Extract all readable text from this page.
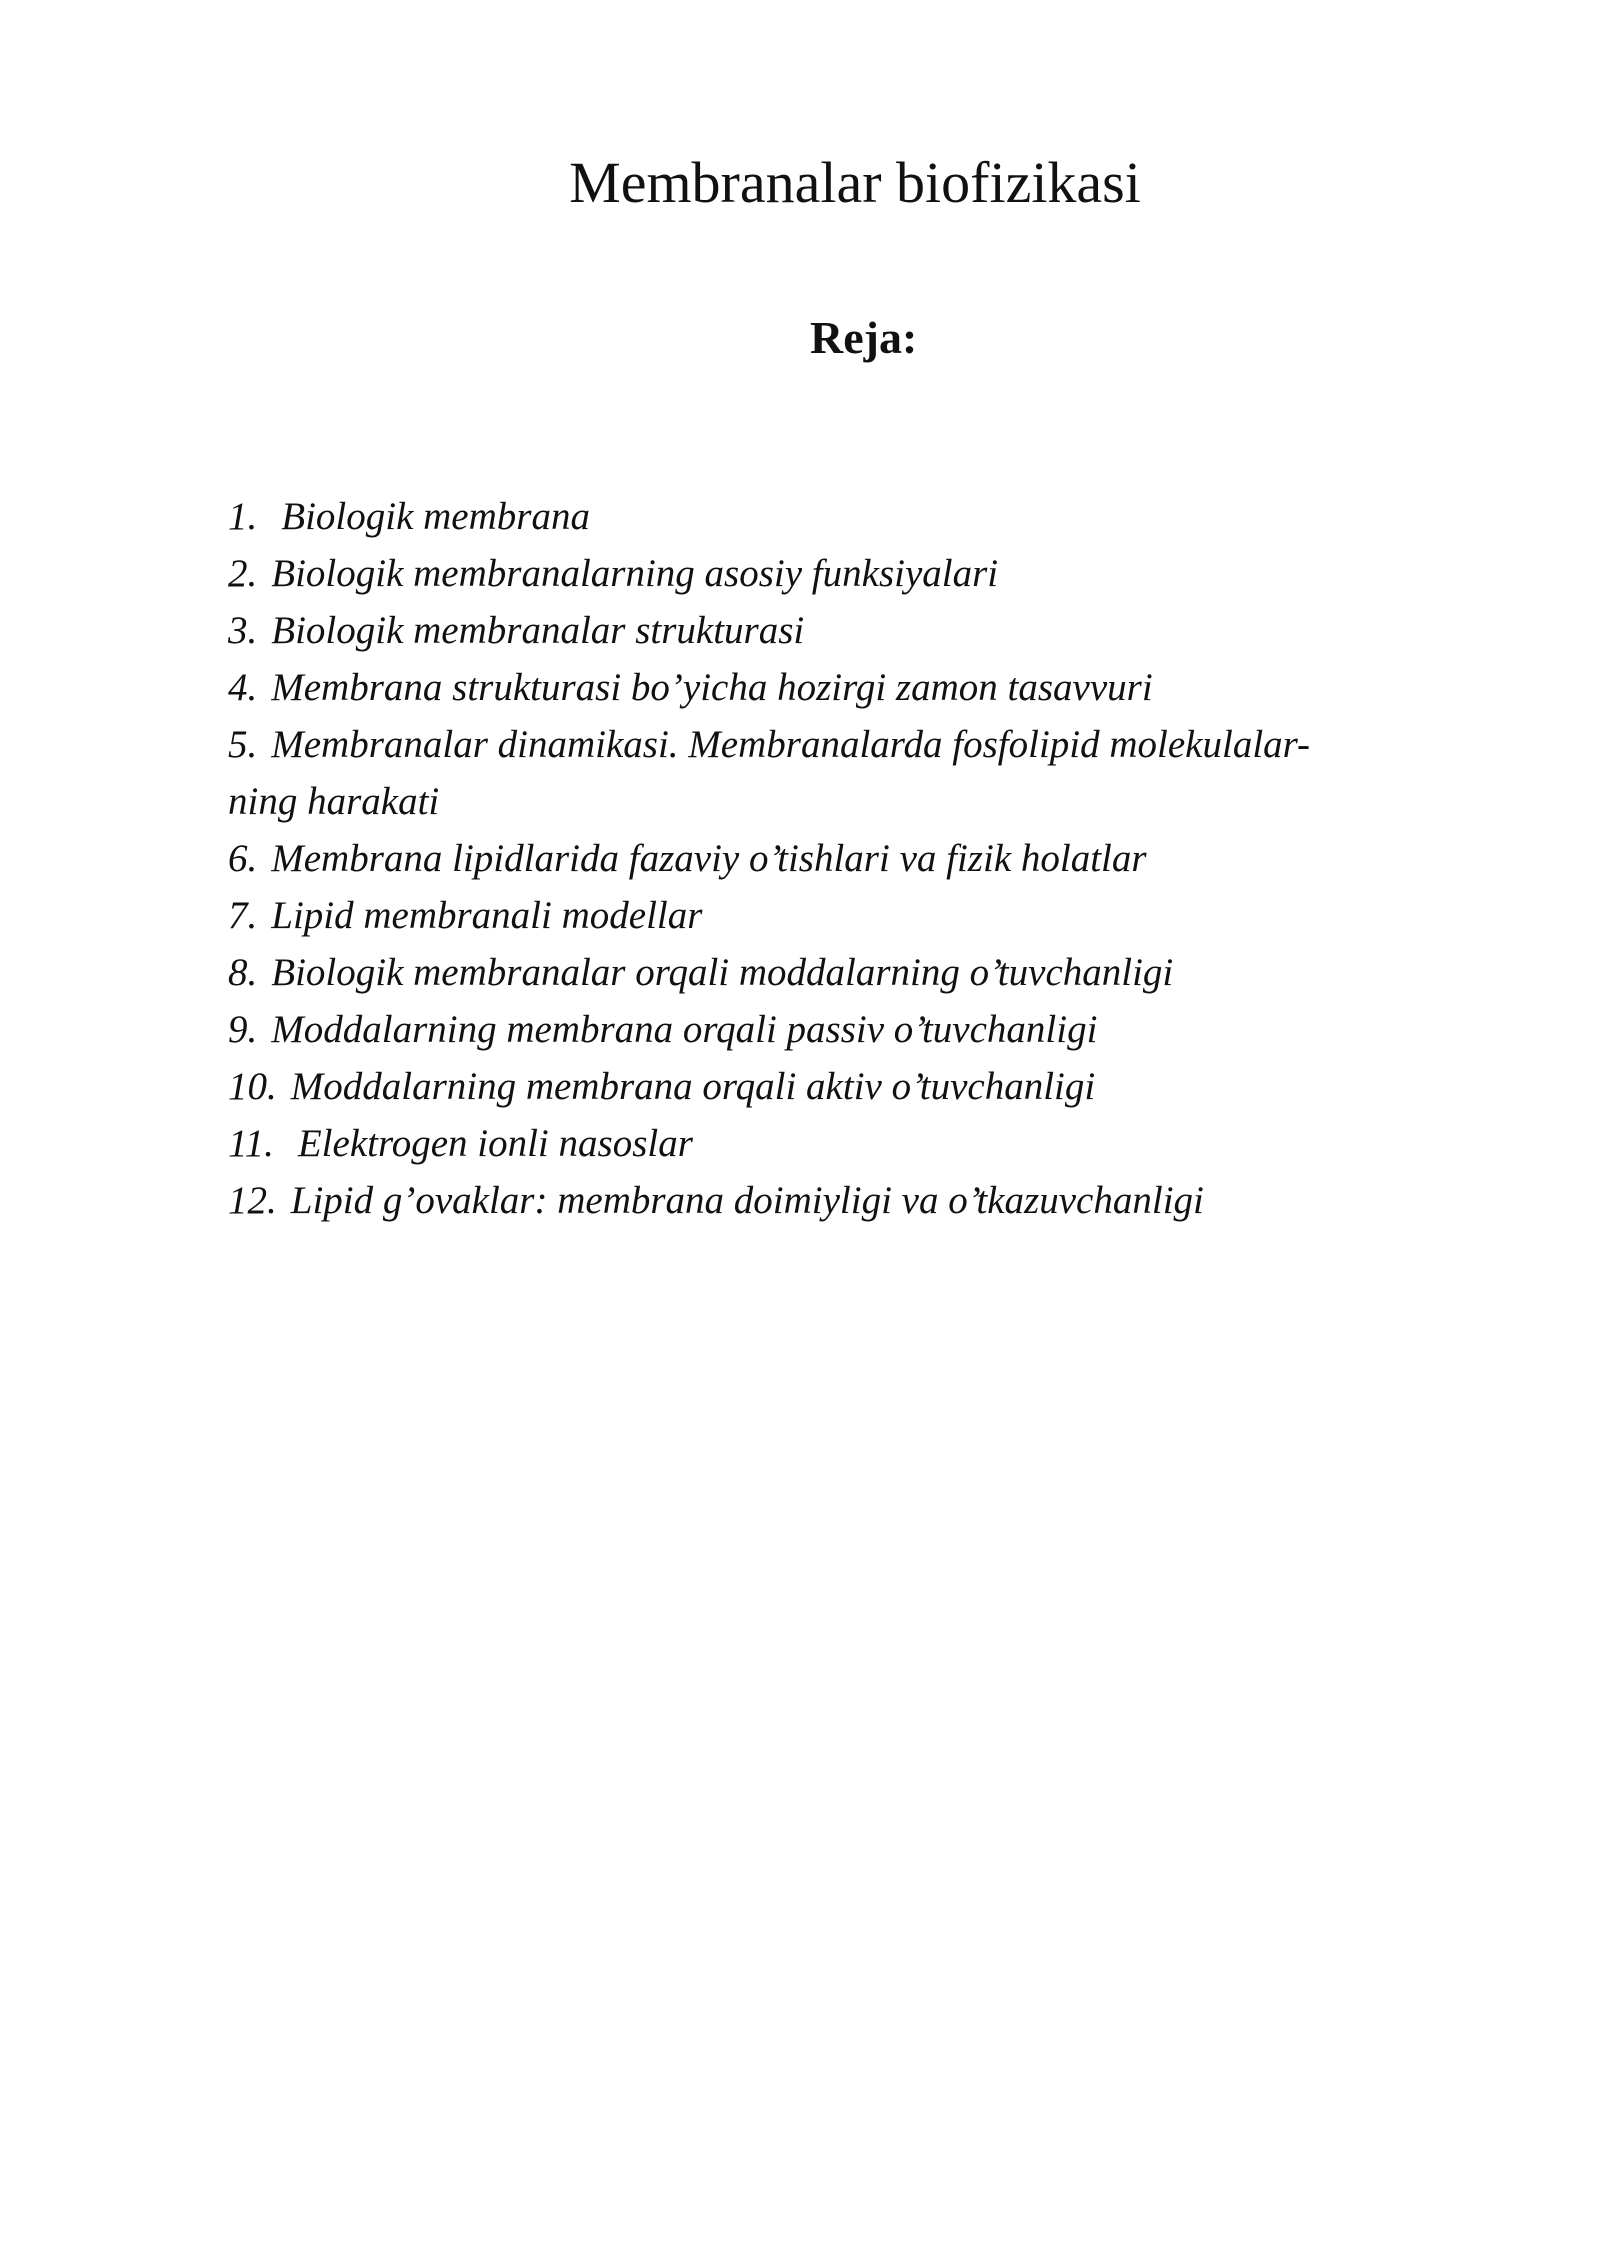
Membranalar biofizikasi
Reja:
1. Biologik membrana
2. Biologik membranalarning asosiy funksiyalari
3. Biologik membranalar strukturasi
4. Membrana strukturasi bo’yicha hozirgi zamon tasavvuri
5. Membranalar dinamikasi. Membranalarda fosfolipid molekulalar-
ning harakati
6. Membrana lipidlarida fazaviy o’tishlari va fizik holatlar
7. Lipid membranali modellar
8. Biologik membranalar orqali moddalarning o’tuvchanligi
9. Moddalarning membrana orqali passiv o’tuvchanligi
10. Moddalarning membrana orqali aktiv o’tuvchanligi
11. Elektrogen ionli nasoslar
12. Lipid g’ovaklar: membrana doimiyligi va o’tkazuvchanligi
